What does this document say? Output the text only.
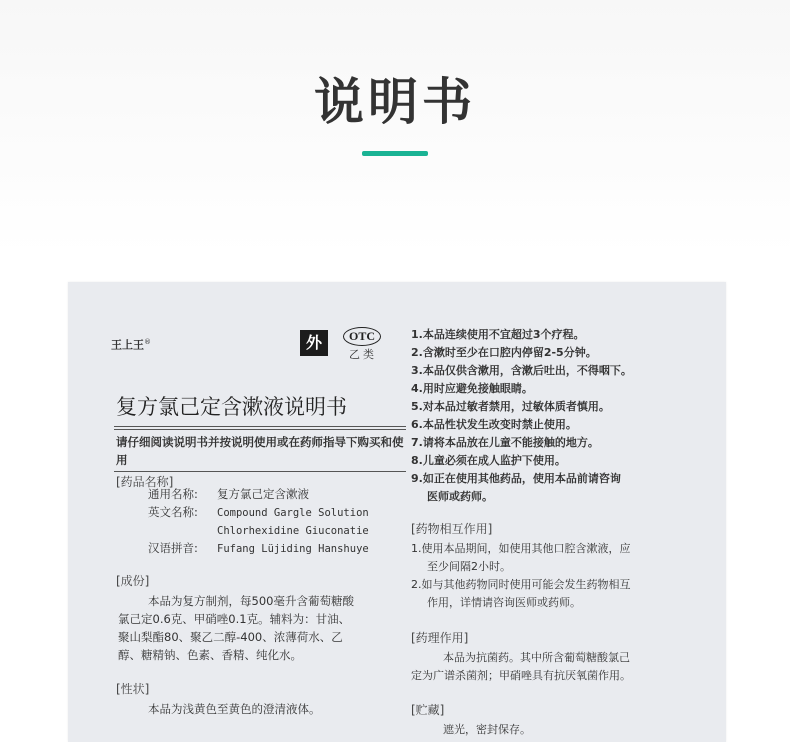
说明书
王上王®	外	OTC
乙类
复方氯己定含漱液说明书
请仔细阅读说明书并按说明使用或在药师指导下购买和使用
[药品名称]
通用名称: 复方氯己定含漱液
英文名称: Compound Gargle Solution
Chlorhexidine Giuconatie
汉语拼音: Fufang Lüjiding Hanshuye
[成份]
本品为复方制剂，每500毫升含葡萄糖酸
氯己定0.6克、甲硝唑0.1克。辅料为：甘油、
聚山梨酯80、聚乙二醇-400、浓薄荷水、乙
醇、糖精钠、色素、香精、纯化水。
[性状]
本品为浅黄色至黄色的澄清液体。
1.本品连续使用不宜超过3个疗程。
2.含漱时至少在口腔内停留2-5分钟。
3.本品仅供含漱用，含漱后吐出，不得咽下。
4.用时应避免接触眼睛。
5.对本品过敏者禁用，过敏体质者慎用。
6.本品性状发生改变时禁止使用。
7.请将本品放在儿童不能接触的地方。
8.儿童必须在成人监护下使用。
9.如正在使用其他药品，使用本品前请咨询
医师或药师。
[药物相互作用]
1.使用本品期间，如使用其他口腔含漱液，应
至少间隔2小时。
2.如与其他药物同时使用可能会发生药物相互
作用，详情请咨询医师或药师。
[药理作用]
本品为抗菌药。其中所含葡萄糖酸氯己
定为广谱杀菌剂；甲硝唑具有抗厌氧菌作用。
[贮藏]
遮光，密封保存。
